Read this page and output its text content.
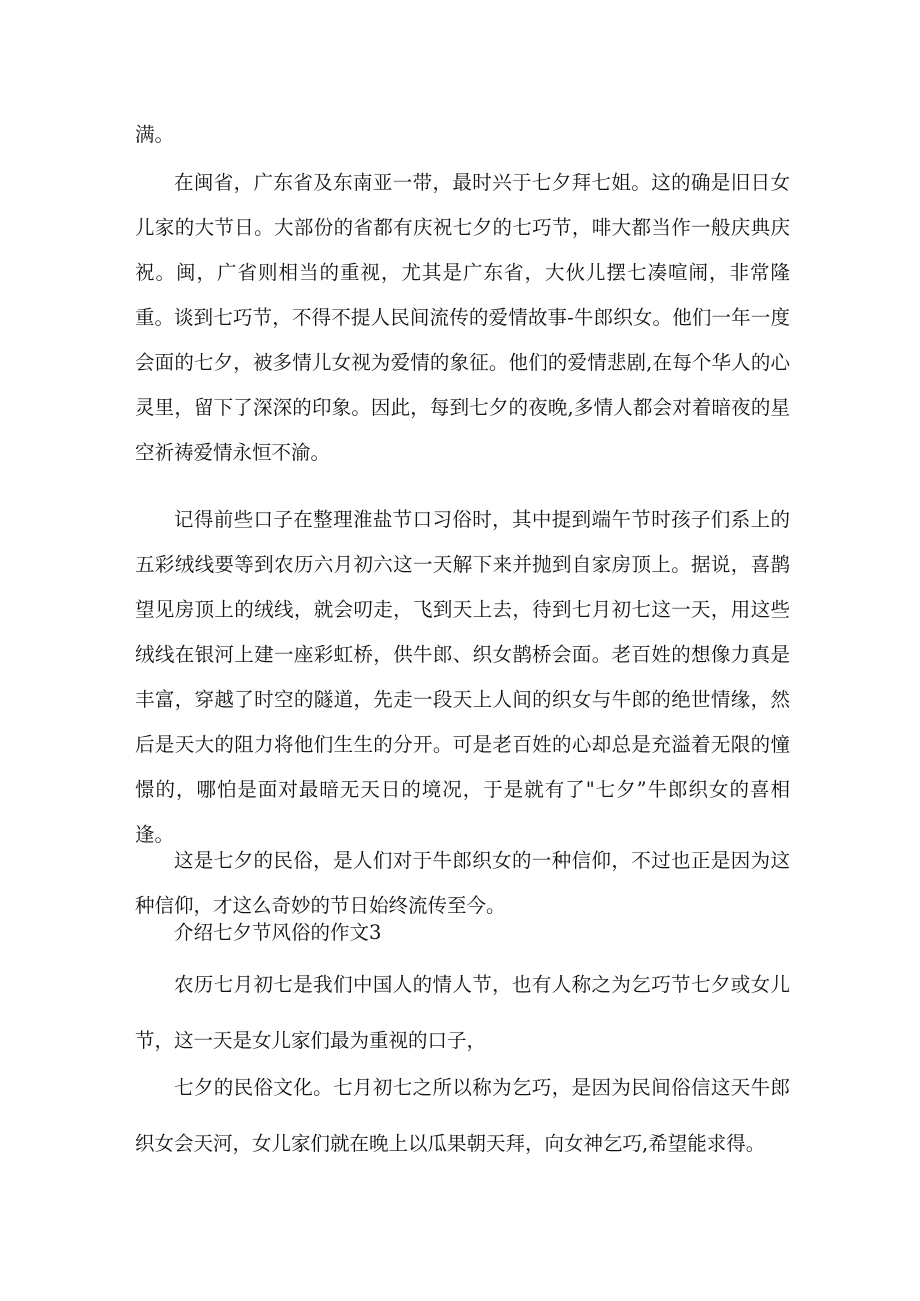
满。

在闽省，广东省及东南亚一带，最时兴于七夕拜七姐。这的确是旧日女儿家的大节日。大部份的省都有庆祝七夕的七巧节，啡大都当作一般庆典庆祝。闽，广省则相当的重视，尤其是广东省，大伙儿摆七凑喧闹，非常隆重。 谈到七巧节，不得不提人民间流传的爱情故事-牛郎织女。他们一年一度会面的七夕，被多情儿女视为爱情的象征。他们的爱情悲剧,在每个华人的心灵里，留下了深深的印象。因此，每到七夕的夜晚,多情人都会对着暗夜的星空祈祷爱情永恒不渝。

记得前些口子在整理淮盐节口习俗时，其中提到端午节时孩子们系上的五彩绒线要等到农历六月初六这一天解下来并抛到自家房顶上。据说，喜鹊望见房顶上的绒线，就会叨走，飞到天上去，待到七月初七这一天，用这些绒线在银河上建一座彩虹桥，供牛郎、织女鹊桥会面。老百姓的想像力真是丰富，穿越了时空的隧道，先走一段天上人间的织女与牛郎的绝世情缘，然后是天大的阻力将他们生生的分开。可是老百姓的心却总是充溢着无限的憧憬的，哪怕是面对最暗无天日的境况，于是就有了"七夕”牛郎织女的喜相逢。

这是七夕的民俗，是人们对于牛郎织女的一种信仰，不过也正是因为这种信仰，才这么奇妙的节日始终流传至今。

介绍七夕节风俗的作文3

农历七月初七是我们中国人的情人节，也有人称之为乞巧节七夕或女儿节，这一天是女儿家们最为重视的口子，

七夕的民俗文化。七月初七之所以称为乞巧，是因为民间俗信这天牛郎织女会天河，女儿家们就在晚上以瓜果朝天拜，向女神乞巧,希望能求得。
